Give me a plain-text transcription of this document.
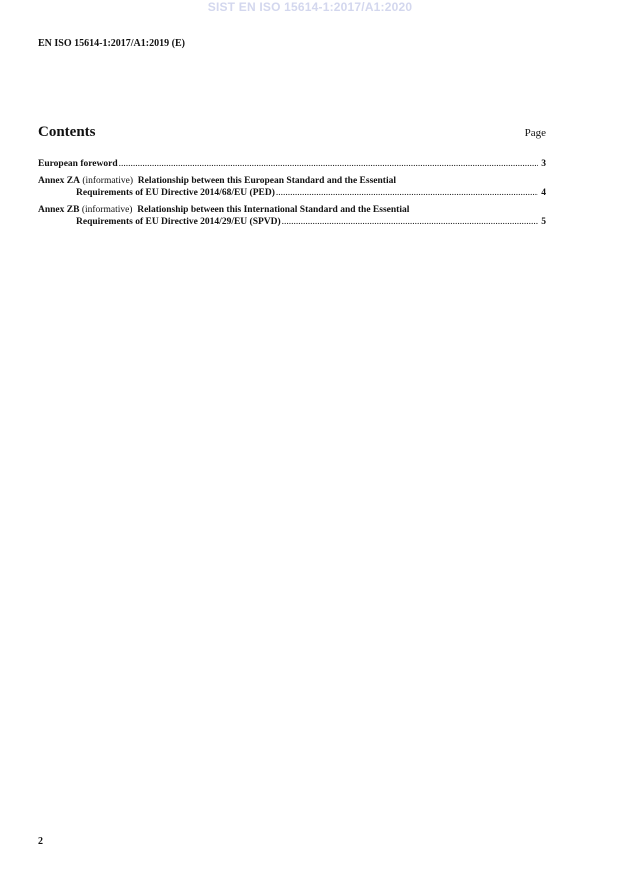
SIST EN ISO 15614-1:2017/A1:2020
EN ISO 15614-1:2017/A1:2019 (E)
Contents	Page
European foreword .....	3
Annex ZA
(informative)
Relationship between this European Standard and the Essential
Requirements of EU Directive 2014/68/EU (PED) .....	4
Annex ZB
(informative)
Relationship between this International Standard and the Essential
Requirements of EU Directive 2014/29/EU (SPVD) .....	5
2
